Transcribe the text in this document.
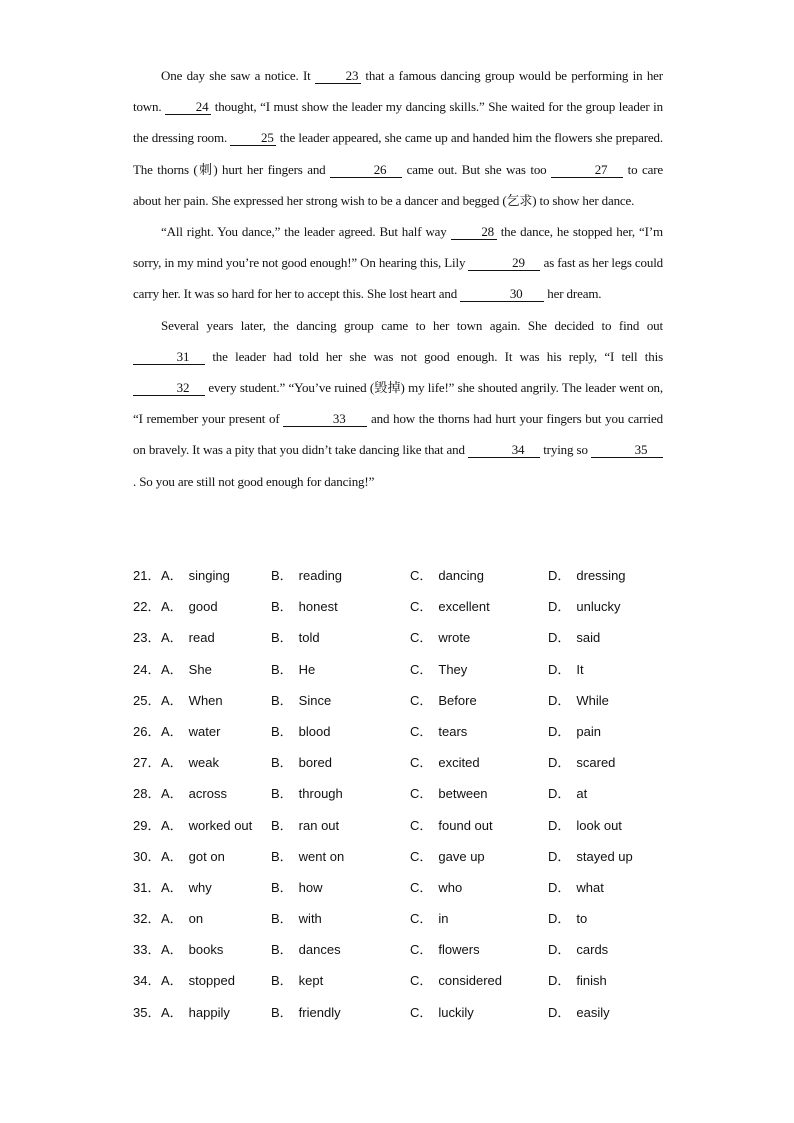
One day she saw a notice. It	23 that a famous dancing group would be performing in her town.	24 thought, “I must show the leader my dancing skills.” She waited for the group leader in the dressing room.	25 the leader appeared, she came up and handed him the flowers she prepared. The thorns (刺) hurt her fingers and	26 came out. But she was too	27 to care about her pain. She expressed her strong wish to be a dancer and begged (乞求) to show her dance.

“All right. You dance,” the leader agreed. But half way	28 the dance, he stopped her, “I’m sorry, in my mind you’re not good enough!” On hearing this, Lily	29 as fast as her legs could carry her. It was so hard for her to accept this. She lost heart and	30 her dream.

Several years later, the dancing group came to her town again. She decided to find out 31 the leader had told her she was not good enough. It was his reply, “I tell this 32 every student.” “You’ve ruined (毁掉) my life!” she shouted angrily. The leader went on, “I remember your present of	33 and how the thorns had hurt your fingers but you carried on bravely. It was a pity that you didn’t take dancing like that and	34 trying so	35. So you are still not good enough for dancing!”

21． A． singing	B． reading	C． dancing	D． dressing
22． A． good	B． honest	C． excellent	D． unlucky
23． A． read	B． told	C． wrote	D． said
24． A． She	B． He	C． They	D． It
25． A． When	B． Since	C． Before	D． While
26． A． water	B． blood	C． tears	D． pain
27． A． weak	B． bored	C． excited	D． scared
28． A． across	B． through	C． between	D． at
29． A． worked out B． ran out	C． found out	D． look out
30． A． got on	B． went on	C． gave up	D． stayed up
31． A． why	B． how	C． who	D． what
32． A． on	B． with	C． in	D． to
33． A． books	B． dances	C． flowers	D． cards
34． A． stopped	B． kept	C． considered	D． finish
35． A． happily	B． friendly	C． luckily	D． easily
